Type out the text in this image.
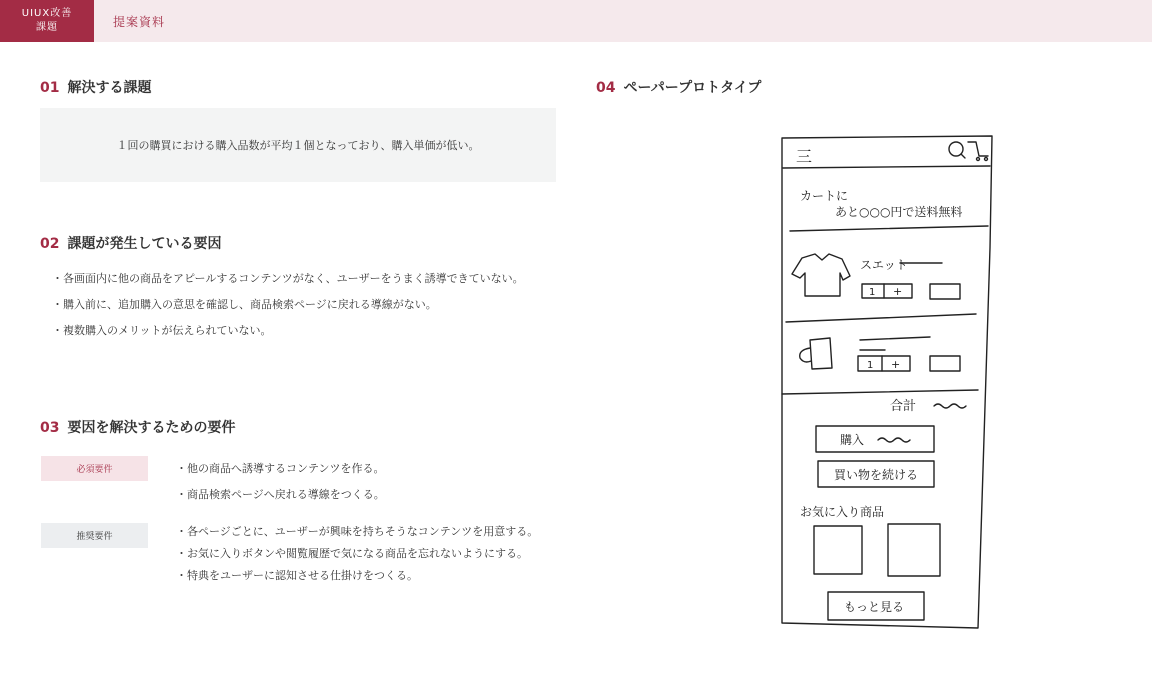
UIUX改善
課題	提案資料
01 解決する課題
１回の購買における購入品数が平均１個となっており、購入単価が低い。
02 課題が発生している要因
・各画面内に他の商品をアピールするコンテンツがなく、ユーザーをうまく誘導できていない。
・購入前に、追加購入の意思を確認し、商品検索ページに戻れる導線がない。
・複数購入のメリットが伝えられていない。
03 要因を解決するための要件
必須要件	・他の商品へ誘導するコンテンツを作る。
・商品検索ページへ戻れる導線をつくる。
推奨要件	・各ページごとに、ユーザーが興味を持ちそうなコンテンツを用意する。
・お気に入りボタンや閲覧履歴で気になる商品を忘れないようにする。
・特典をユーザーに認知させる仕掛けをつくる。
04 ペーパープロトタイプ
三
カートに
あと○○○円で送料無料
スエット
1 +
1 +
合計
購入
買い物を続ける
お気に入り商品
もっと見る
